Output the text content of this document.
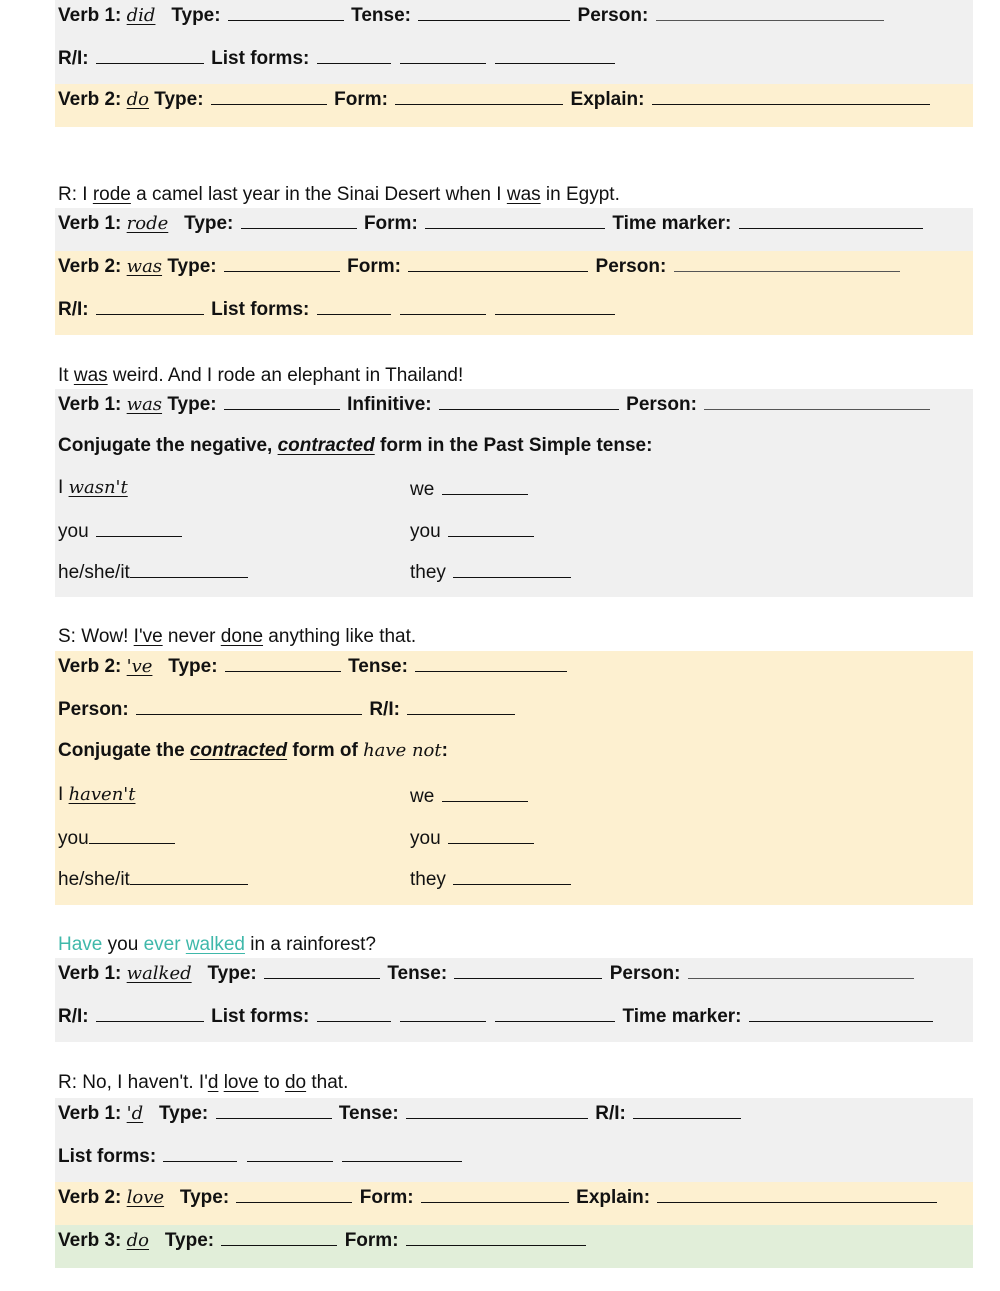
Verb 1: did Type:	Tense:	Person:
R/I:	List forms:
Verb 2: do Type:	Form:	Explain:
R: I rode a camel last year in the Sinai Desert when I was in Egypt.
Verb 1: rode Type:	Form:	Time marker:
Verb 2: was Type:	Form:	Person:
R/I:	List forms:
It was weird. And I rode an elephant in Thailand!
Verb 1: was Type:	Infinitive:	Person:
Conjugate the negative, contracted form in the Past Simple tense:
I wasn't	we
you	you
he/she/it	they
S: Wow! I've never done anything like that.
Verb 2: 've Type:	Tense:
Person:	R/I:
Conjugate the contracted form of have not:
I haven't	we
you	you
he/she/it	they
Have you ever walked in a rainforest?
Verb 1: walked Type:	Tense:	Person:
R/I:	List forms:	Time marker:
R: No, I haven't. I'd love to do that.
Verb 1: 'd Type:	Tense:	R/I:
List forms:
Verb 2: love Type:	Form:	Explain:
Verb 3: do Type:	Form:
